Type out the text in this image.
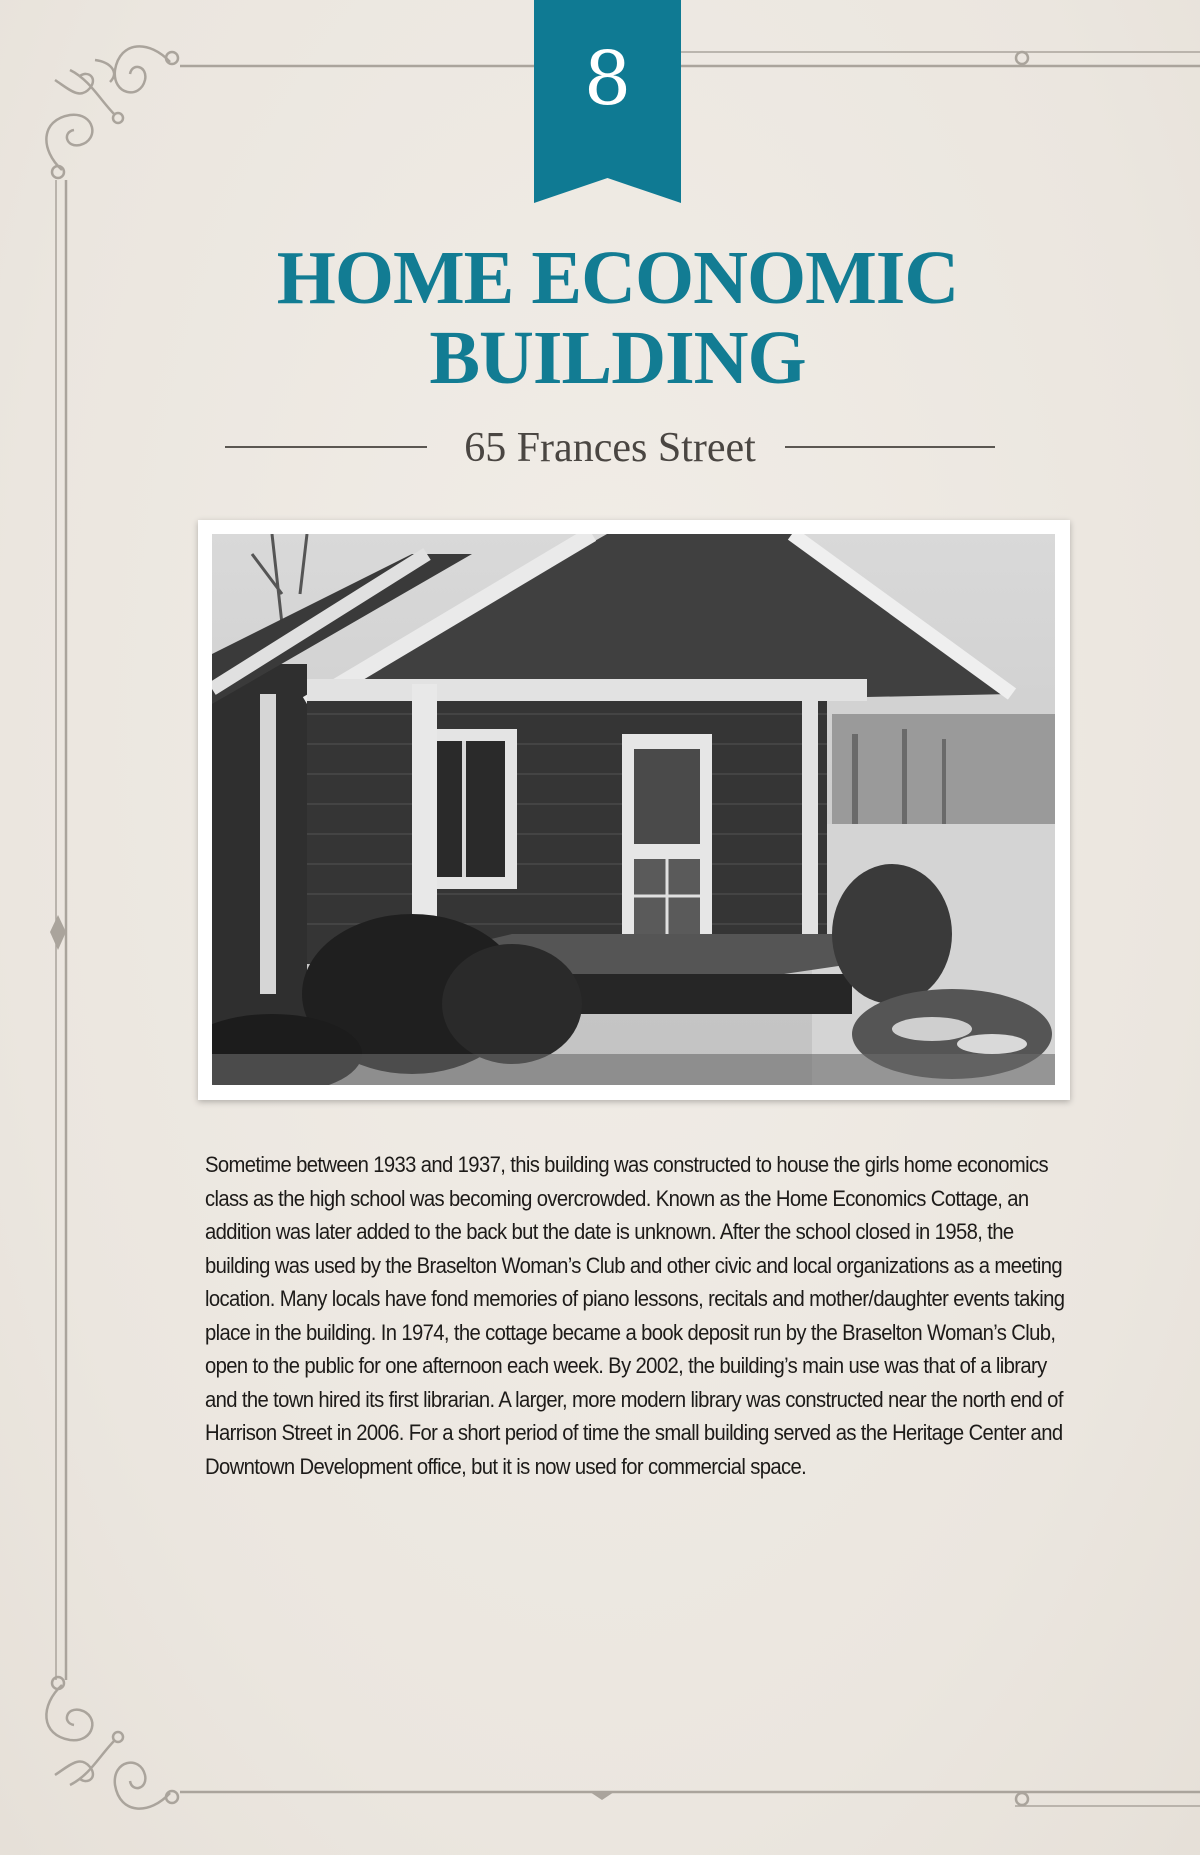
8
HOME ECONOMIC
BUILDING
65 Frances Street

Sometime between 1933 and 1937, this building was constructed to house the girls home economics class as the high school was becoming overcrowded. Known as the Home Economics Cottage, an addition was later added to the back but the date is unknown. After the school closed in 1958, the building was used by the Braselton Woman’s Club and other civic and local organizations as a meeting location. Many locals have fond memories of piano lessons, recitals and mother/daughter events taking place in the building. In 1974, the cottage became a book deposit run by the Braselton Woman’s Club, open to the public for one afternoon each week. By 2002, the building’s main use was that of a library and the town hired its first librarian. A larger, more modern library was constructed near the north end of Harrison Street in 2006. For a short period of time the small building served as the Heritage Center and Downtown Development office, but it is now used for commercial space.
